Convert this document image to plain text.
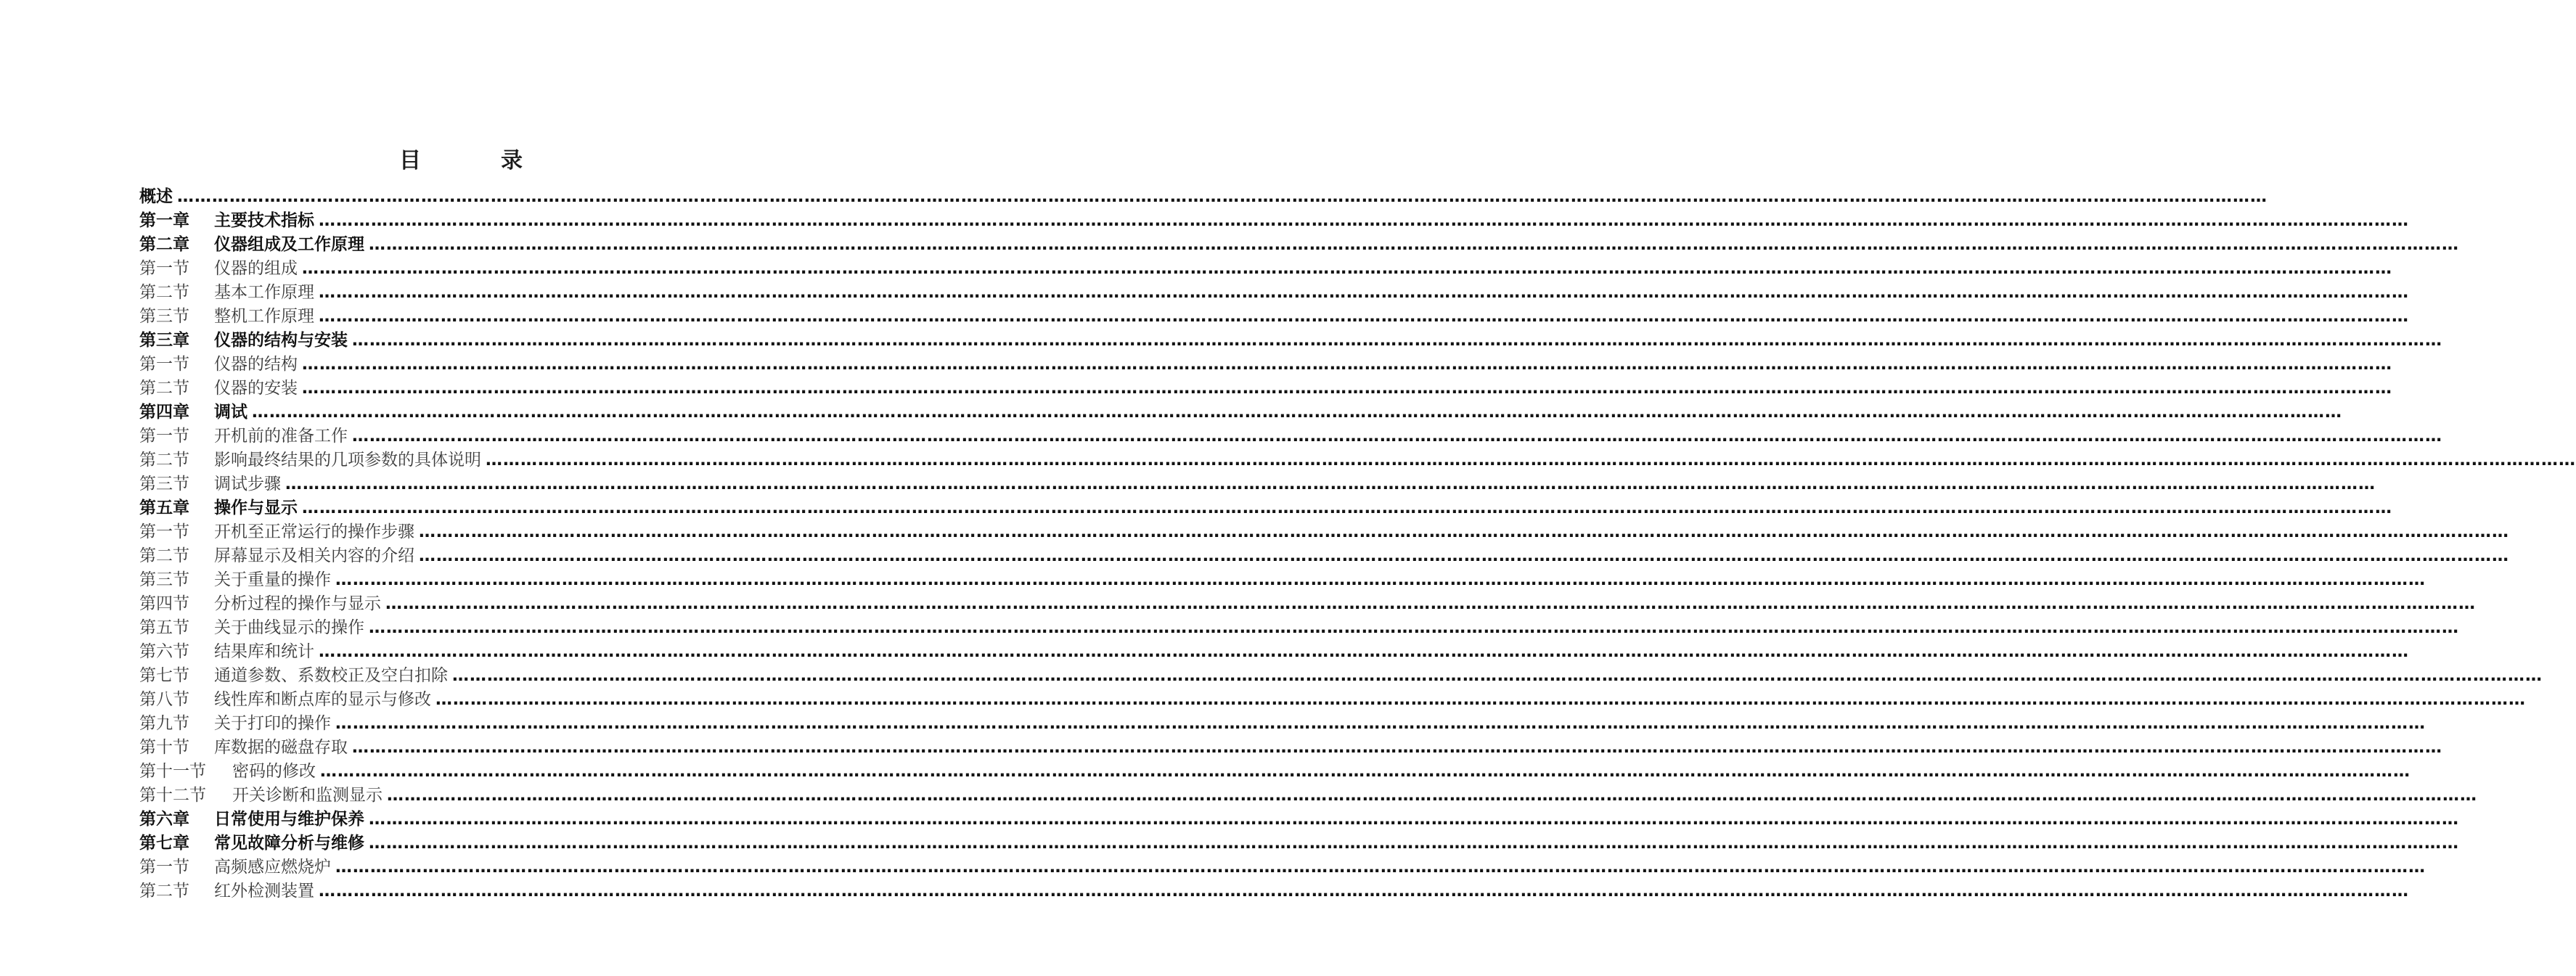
目　录
概述 ………………………………………………………………………………………………………………………………………………………………………………………………………………………………………………………………………………………………………………………………
第一章 主要技术指标 ………………………………………………………………………………………………………………………………………………………………………………………………………………………………………………………………………………………………………………………………
第二章 仪器组成及工作原理 ………………………………………………………………………………………………………………………………………………………………………………………………………………………………………………………………………………………………………………………………
第一节 仪器的组成 ………………………………………………………………………………………………………………………………………………………………………………………………………………………………………………………………………………………………………………………………
第二节 基本工作原理 ………………………………………………………………………………………………………………………………………………………………………………………………………………………………………………………………………………………………………………………………
第三节 整机工作原理 ………………………………………………………………………………………………………………………………………………………………………………………………………………………………………………………………………………………………………………………………
第三章 仪器的结构与安装 ………………………………………………………………………………………………………………………………………………………………………………………………………………………………………………………………………………………………………………………………
第一节 仪器的结构 ………………………………………………………………………………………………………………………………………………………………………………………………………………………………………………………………………………………………………………………………
第二节 仪器的安装 ………………………………………………………………………………………………………………………………………………………………………………………………………………………………………………………………………………………………………………………………
第四章 调试 ………………………………………………………………………………………………………………………………………………………………………………………………………………………………………………………………………………………………………………………………
第一节 开机前的准备工作 ………………………………………………………………………………………………………………………………………………………………………………………………………………………………………………………………………………………………………………………………
第二节 影响最终结果的几项参数的具体说明 ………………………………………………………………………………………………………………………………………………………………………………………………………………………………………………………………………………………………………………………………
第三节 调试步骤 ………………………………………………………………………………………………………………………………………………………………………………………………………………………………………………………………………………………………………………………………
第五章 操作与显示 ………………………………………………………………………………………………………………………………………………………………………………………………………………………………………………………………………………………………………………………………
第一节 开机至正常运行的操作步骤 ………………………………………………………………………………………………………………………………………………………………………………………………………………………………………………………………………………………………………………………………
第二节 屏幕显示及相关内容的介绍 ………………………………………………………………………………………………………………………………………………………………………………………………………………………………………………………………………………………………………………………………
第三节 关于重量的操作 ………………………………………………………………………………………………………………………………………………………………………………………………………………………………………………………………………………………………………………………………
第四节 分析过程的操作与显示 ………………………………………………………………………………………………………………………………………………………………………………………………………………………………………………………………………………………………………………………………
第五节 关于曲线显示的操作 ………………………………………………………………………………………………………………………………………………………………………………………………………………………………………………………………………………………………………………………………
第六节 结果库和统计 ………………………………………………………………………………………………………………………………………………………………………………………………………………………………………………………………………………………………………………………………
第七节 通道参数、系数校正及空白扣除 ………………………………………………………………………………………………………………………………………………………………………………………………………………………………………………………………………………………………………………………………
第八节 线性库和断点库的显示与修改 ………………………………………………………………………………………………………………………………………………………………………………………………………………………………………………………………………………………………………………………………
第九节 关于打印的操作 ………………………………………………………………………………………………………………………………………………………………………………………………………………………………………………………………………………………………………………………………
第十节 库数据的磁盘存取 ………………………………………………………………………………………………………………………………………………………………………………………………………………………………………………………………………………………………………………………………
第十一节 密码的修改 ………………………………………………………………………………………………………………………………………………………………………………………………………………………………………………………………………………………………………………………………
第十二节 开关诊断和监测显示 ………………………………………………………………………………………………………………………………………………………………………………………………………………………………………………………………………………………………………………………………
第六章 日常使用与维护保养 ………………………………………………………………………………………………………………………………………………………………………………………………………………………………………………………………………………………………………………………………
第七章 常见故障分析与维修 ………………………………………………………………………………………………………………………………………………………………………………………………………………………………………………………………………………………………………………………………
第一节 高频感应燃烧炉 ………………………………………………………………………………………………………………………………………………………………………………………………………………………………………………………………………………………………………………………………
第二节 红外检测装置 ………………………………………………………………………………………………………………………………………………………………………………………………………………………………………………………………………………………………………………………………
